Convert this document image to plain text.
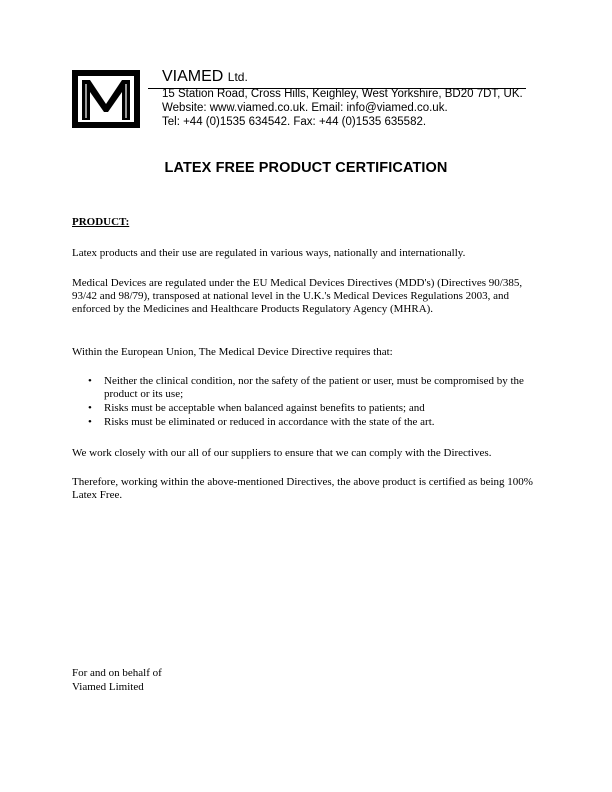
VIAMED Ltd.
15 Station Road, Cross Hills, Keighley, West Yorkshire, BD20 7DT, UK.
Website: www.viamed.co.uk. Email: info@viamed.co.uk.
Tel: +44 (0)1535 634542. Fax: +44 (0)1535 635582.
LATEX FREE PRODUCT CERTIFICATION
PRODUCT:
Latex products and their use are regulated in various ways, nationally and internationally.
Medical Devices are regulated under the EU Medical Devices Directives (MDD's) (Directives 90/385, 93/42 and 98/79), transposed at national level in the U.K.'s Medical Devices Regulations 2003, and enforced by the Medicines and Healthcare Products Regulatory Agency (MHRA).
Within the European Union, The Medical Device Directive requires that:
• Neither the clinical condition, nor the safety of the patient or user, must be compromised by the product or its use;
• Risks must be acceptable when balanced against benefits to patients; and
• Risks must be eliminated or reduced in accordance with the state of the art.
We work closely with our all of our suppliers to ensure that we can comply with the Directives.
Therefore, working within the above-mentioned Directives, the above product is certified as being 100% Latex Free.
For and on behalf of
Viamed Limited
